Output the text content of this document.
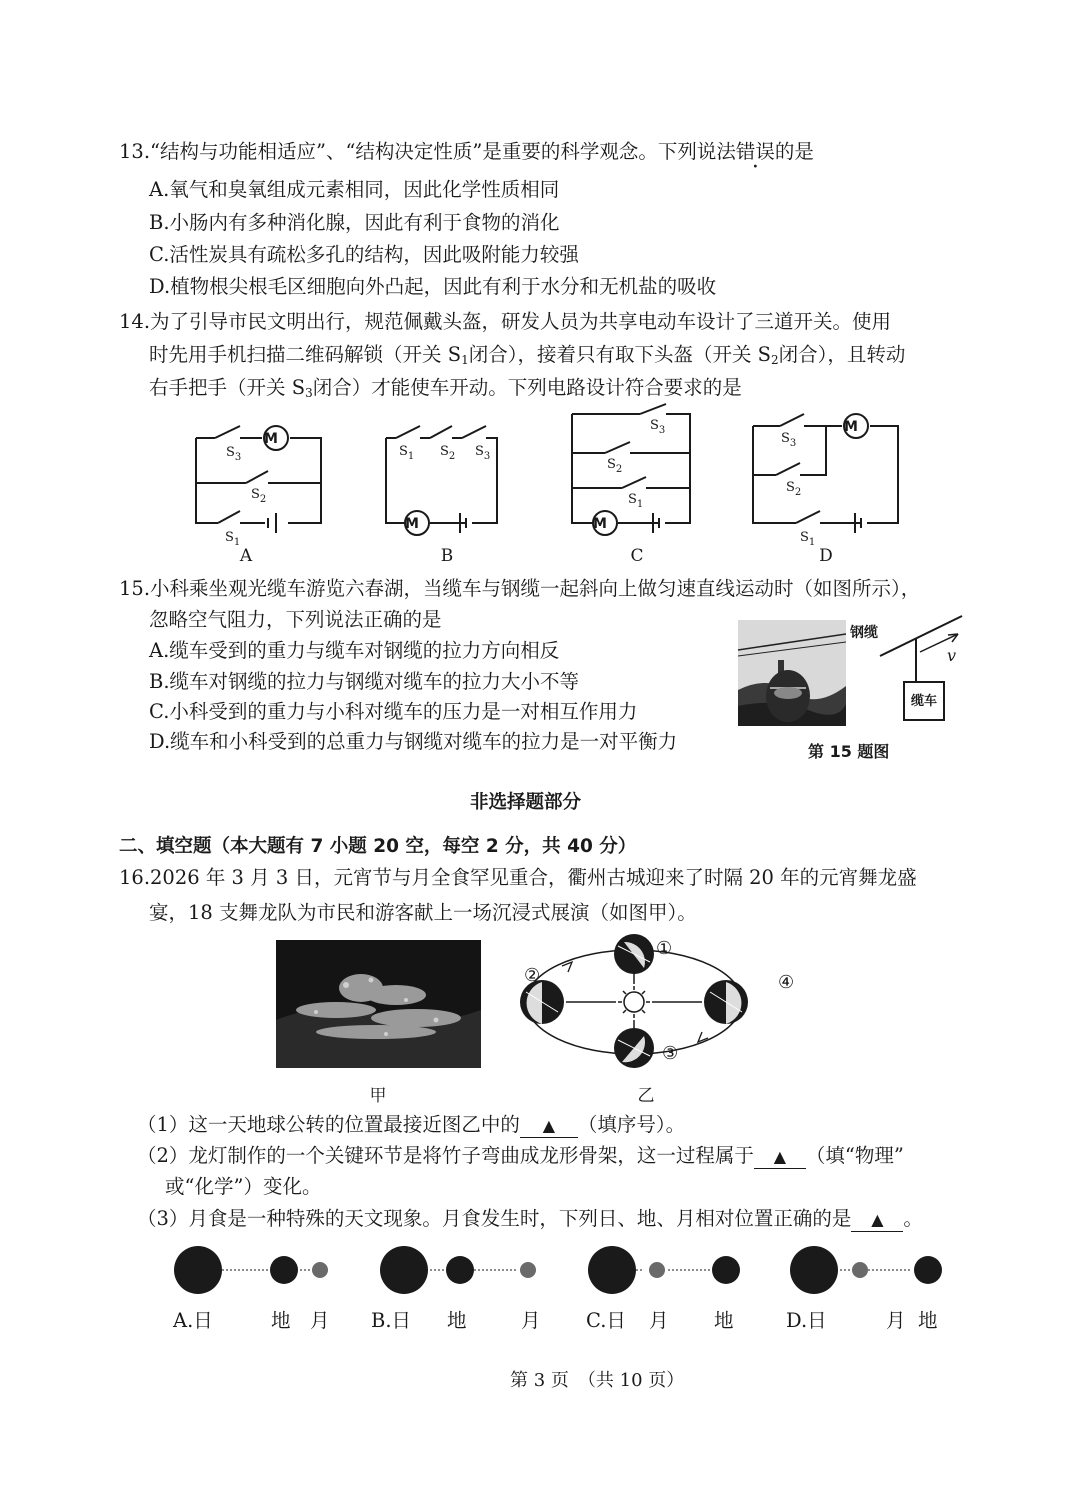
13.“结构与功能相适应”、“结构决定性质”是重要的科学观念。下列说法错误的是
A.氧气和臭氧组成元素相同，因此化学性质相同
B.小肠内有多种消化腺，因此有利于食物的消化
C.活性炭具有疏松多孔的结构，因此吸附能力较强
D.植物根尖根毛区细胞向外凸起，因此有利于水分和无机盐的吸收
14.为了引导市民文明出行，规范佩戴头盔，研发人员为共享电动车设计了三道开关。使用
时先用手机扫描二维码解锁（开关 $S_1$闭合），接着只有取下头盔（开关 $S_2$闭合），且转动
右手把手（开关 $S_3$闭合）才能使车开动。下列电路设计符合要求的是
M
M	M
M
$S_3$
$S_2$
$S_1$
$S_1$ $S_2$ $S_3$
$S_3$
$S_2$
$S_1$
$S_3$
$S_2$
$S_1$
A	B	C	D
15.小科乘坐观光缆车游览六春湖，当缆车与钢缆一起斜向上做匀速直线运动时（如图所示），
忽略空气阻力，下列说法正确的是
A.缆车受到的重力与缆车对钢缆的拉力方向相反
B.缆车对钢缆的拉力与钢缆对缆车的拉力大小不等
C.小科受到的重力与小科对缆车的压力是一对相互作用力
D.缆车和小科受到的总重力与钢缆对缆车的拉力是一对平衡力
钢缆
v
缆车
第 15 题图
非选择题部分
二、填空题（本大题有 7 小题 20 空，每空 2 分，共 40 分）
16.2026 年 3 月 3 日，元宵节与月全食罕见重合，衢州古城迎来了时隔 20 年的元宵舞龙盛
宴，18 支舞龙队为市民和游客献上一场沉浸式展演（如图甲）。
甲
①
②
③
④
乙
（1）这一天地球公转的位置最接近图乙中的 ▲ （填序号）。
（2）龙灯制作的一个关键环节是将竹子弯曲成龙形骨架，这一过程属于 ▲ （填“物理”
或“化学”）变化。
（3）月食是一种特殊的天文现象。月食发生时，下列日、地、月相对位置正确的是 ▲ 。
A.日	地 月 B.日 地	月 C.日 月 地	D.日	月 地
第 3 页　（共 10 页）
